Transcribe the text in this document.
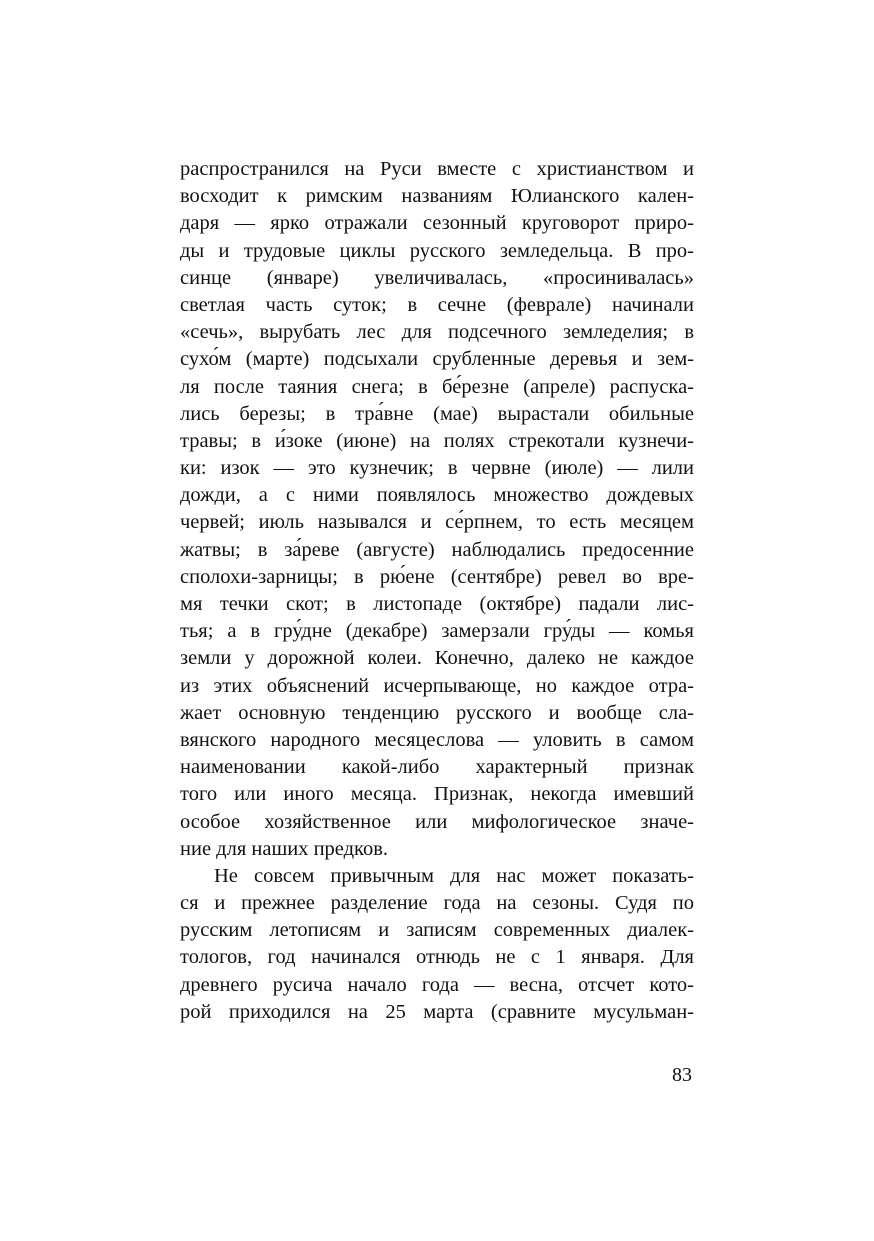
распространился на Руси вместе с христианством и
восходит к римским названиям Юлианского кален-
даря — ярко отражали сезонный круговорот приро-
ды и трудовые циклы русского земледельца. В про-
синце (январе) увеличивалась, «просинивалась»
светлая часть суток; в сечне (феврале) начинали
«сечь», вырубать лес для подсечного земледелия; в
сухо́м (марте) подсыхали срубленные деревья и зем-
ля после таяния снега; в бе́резне (апреле) распуска-
лись березы; в тра́вне (мае) вырастали обильные
травы; в и́зоке (июне) на полях стрекотали кузнечи-
ки: изок — это кузнечик; в червне (июле) — лили
дожди, а с ними появлялось множество дождевых
червей; июль назывался и се́рпнем, то есть месяцем
жатвы; в за́реве (августе) наблюдались предосенние
сполохи-зарницы; в рю́ене (сентябре) ревел во вре-
мя течки скот; в листопаде (октябре) падали лис-
тья; а в гру́дне (декабре) замерзали гру́ды — комья
земли у дорожной колеи. Конечно, далеко не каждое
из этих объяснений исчерпывающе, но каждое отра-
жает основную тенденцию русского и вообще сла-
вянского народного месяцеслова — уловить в самом
наименовании какой-либо характерный признак
того или иного месяца. Признак, некогда имевший
особое хозяйственное или мифологическое значе-
ние для наших предков.
Не совсем привычным для нас может показать-
ся и прежнее разделение года на сезоны. Судя по
русским летописям и записям современных диалек-
тологов, год начинался отнюдь не с 1 января. Для
древнего русича начало года — весна, отсчет кото-
рой приходился на 25 марта (сравните мусульман-
83
